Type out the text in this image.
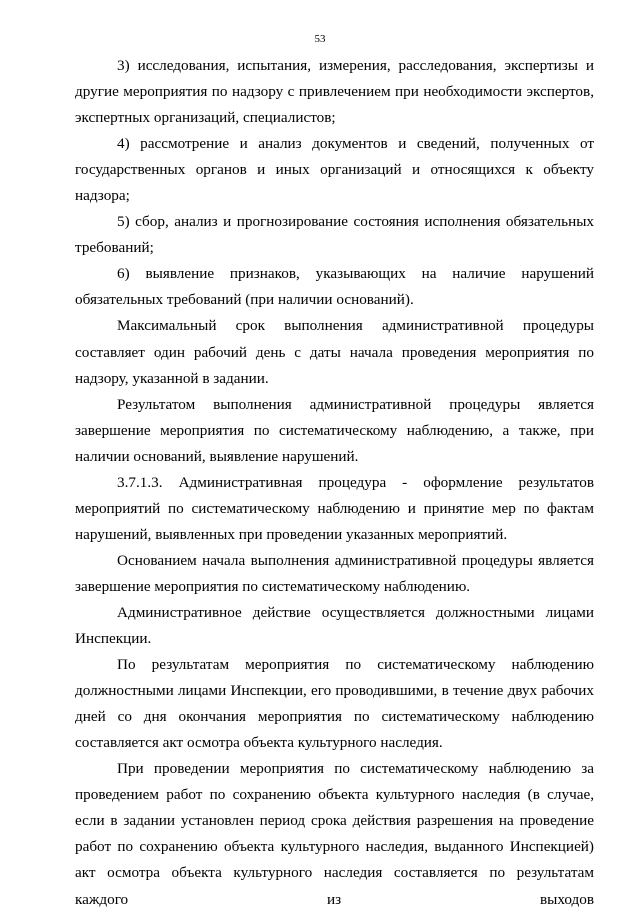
53

3) исследования, испытания, измерения, расследования, экспертизы и другие мероприятия по надзору с привлечением при необходимости экспертов, экспертных организаций, специалистов;

4) рассмотрение и анализ документов и сведений, полученных от государственных органов и иных организаций и относящихся к объекту надзора;

5) сбор, анализ и прогнозирование состояния исполнения обязательных требований;

6) выявление признаков, указывающих на наличие нарушений обязательных требований (при наличии оснований).

Максимальный срок выполнения административной процедуры составляет один рабочий день с даты начала проведения мероприятия по надзору, указанной в задании.

Результатом выполнения административной процедуры является завершение мероприятия по систематическому наблюдению, а также, при наличии оснований, выявление нарушений.

3.7.1.3. Административная процедура - оформление результатов мероприятий по систематическому наблюдению и принятие мер по фактам нарушений, выявленных при проведении указанных мероприятий.

Основанием начала выполнения административной процедуры является завершение мероприятия по систематическому наблюдению.

Административное действие осуществляется должностными лицами Инспекции.

По результатам мероприятия по систематическому наблюдению должностными лицами Инспекции, его проводившими, в течение двух рабочих дней со дня окончания мероприятия по систематическому наблюдению составляется акт осмотра объекта культурного наследия.

При проведении мероприятия по систематическому наблюдению за проведением работ по сохранению объекта культурного наследия (в случае, если в задании установлен период срока действия разрешения на проведение работ по сохранению объекта культурного наследия, выданного Инспекцией) акт осмотра объекта культурного наследия составляется по результатам каждого из выходов
